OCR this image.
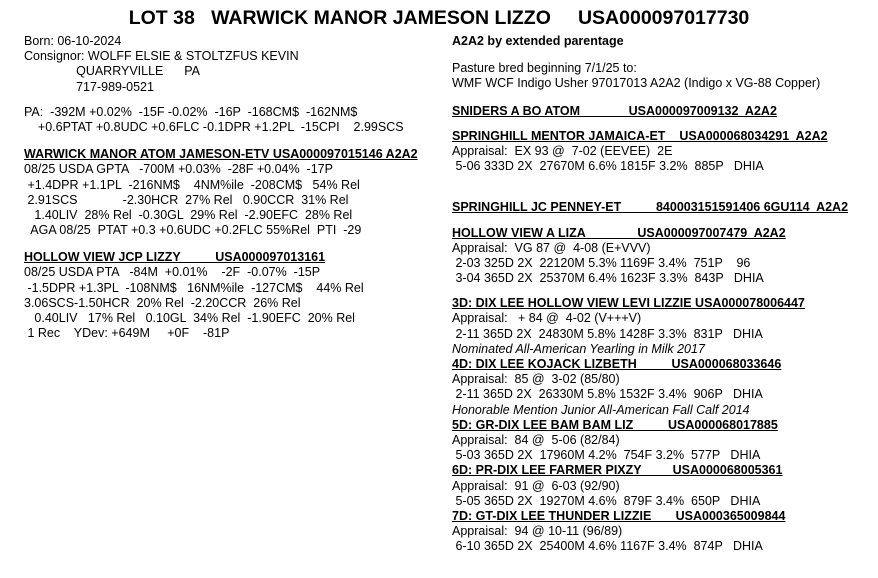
LOT 38   WARWICK MANOR JAMESON LIZZO     USA000097017730
Born: 06-10-2024
Consignor: WOLFF ELSIE & STOLTZFUS KEVIN
QUARRYVILLE      PA
717-989-0521
PA:  -392M +0.02%  -15F -0.02%  -16P  -168CM$  -162NM$
+0.6PTAT +0.8UDC +0.6FLC -0.1DPR +1.2PL  -15CPI    2.99SCS
WARWICK MANOR ATOM JAMESON-ETV USA000097015146 A2A2
08/25 USDA GPTA   -700M +0.03%  -28F +0.04%  -17P
+1.4DPR +1.1PL  -216NM$    4NM%ile  -208CM$   54% Rel
2.91SCS             -2.30HCR  27% Rel   0.90CCR  31% Rel
1.40LIV  28% Rel  -0.30GL  29% Rel  -2.90EFC  28% Rel
AGA 08/25  PTAT +0.3 +0.6UDC +0.2FLC 55%Rel  PTI  -29
HOLLOW VIEW JCP LIZZY          USA000097013161
08/25 USDA PTA   -84M  +0.01%    -2F  -0.07%  -15P
-1.5DPR +1.3PL  -108NM$   16NM%ile  -127CM$    44% Rel
3.06SCS-1.50HCR  20% Rel  -2.20CCR  26% Rel
0.40LIV   17% Rel   0.10GL  34% Rel  -1.90EFC  20% Rel
1 Rec    YDev: +649M     +0F    -81P
A2A2 by extended parentage
Pasture bred beginning 7/1/25 to:
WMF WCF Indigo Usher 97017013 A2A2 (Indigo x VG-88 Copper)
SNIDERS A BO ATOM              USA000097009132  A2A2
SPRINGHILL MENTOR JAMAICA-ET    USA000068034291  A2A2
Appraisal:  EX 93 @  7-02 (EEVEE)  2E
5-06 333D 2X  27670M 6.6% 1815F 3.2%  885P   DHIA
SPRINGHILL JC PENNEY-ET          840003151591406 6GU114  A2A2
HOLLOW VIEW A LIZA               USA000097007479  A2A2
Appraisal:  VG 87 @  4-08 (E+VVV)
2-03 325D 2X  22120M 5.3% 1169F 3.4%  751P    96
3-04 365D 2X  25370M 6.4% 1623F 3.3%  843P   DHIA
3D: DIX LEE HOLLOW VIEW LEVI LIZZIE USA000078006447
Appraisal:   + 84 @  4-02 (V+++V)
2-11 365D 2X  24830M 5.8% 1428F 3.3%  831P   DHIA
Nominated All-American Yearling in Milk 2017
4D: DIX LEE KOJACK LIZBETH          USA000068033646
Appraisal:  85 @  3-02 (85/80)
2-11 365D 2X  26330M 5.8% 1532F 3.4%  906P   DHIA
Honorable Mention Junior All-American Fall Calf 2014
5D: GR-DIX LEE BAM BAM LIZ          USA000068017885
Appraisal:  84 @  5-06 (82/84)
5-03 365D 2X  17960M 4.2%  754F 3.2%  577P   DHIA
6D: PR-DIX LEE FARMER PIXZY         USA000068005361
Appraisal:  91 @  6-03 (92/90)
5-05 365D 2X  19270M 4.6%  879F 3.4%  650P   DHIA
7D: GT-DIX LEE THUNDER LIZZIE       USA000365009844
Appraisal:  94 @ 10-11 (96/89)
6-10 365D 2X  25400M 4.6% 1167F 3.4%  874P   DHIA
